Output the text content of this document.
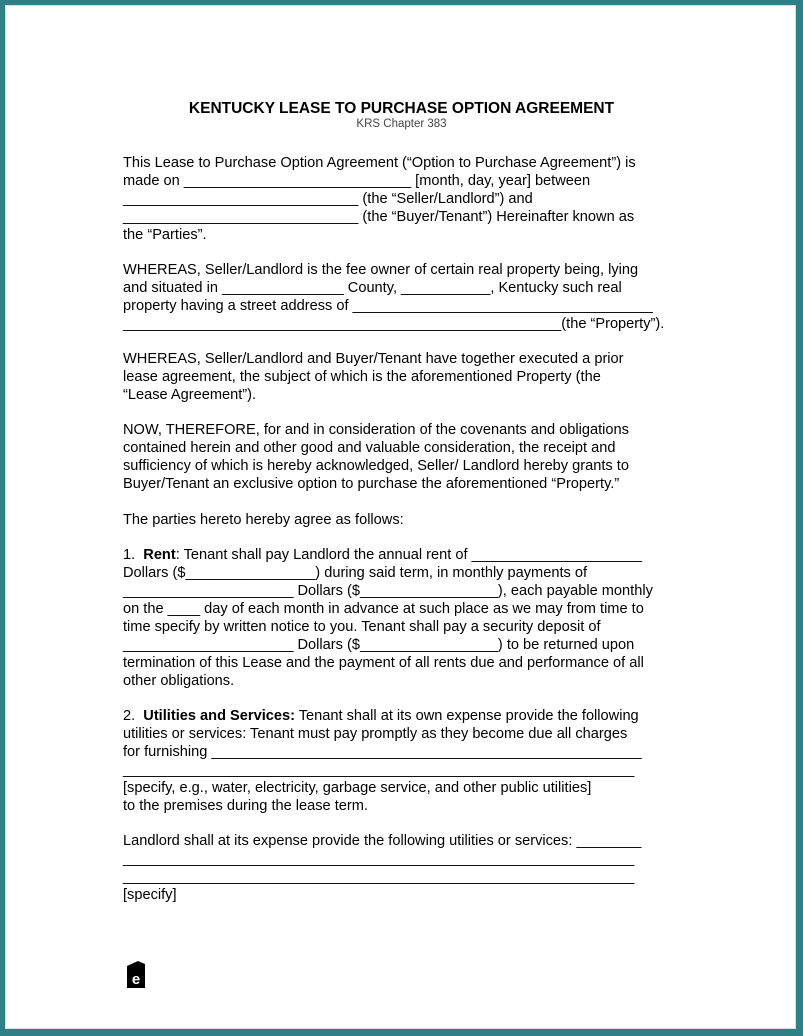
KENTUCKY LEASE TO PURCHASE OPTION AGREEMENT
KRS Chapter 383
This Lease to Purchase Option Agreement (“Option to Purchase Agreement”) is
made on ____________________________ [month, day, year] between
_____________________________ (the “Seller/Landlord”) and
_____________________________ (the “Buyer/Tenant”) Hereinafter known as
the “Parties”.
WHEREAS, Seller/Landlord is the fee owner of certain real property being, lying
and situated in _______________ County, ___________, Kentucky such real
property having a street address of _____________________________________
______________________________________________________(the “Property”).
WHEREAS, Seller/Landlord and Buyer/Tenant have together executed a prior
lease agreement, the subject of which is the aforementioned Property (the
“Lease Agreement”).
NOW, THEREFORE, for and in consideration of the covenants and obligations
contained herein and other good and valuable consideration, the receipt and
sufficiency of which is hereby acknowledged, Seller/ Landlord hereby grants to
Buyer/Tenant an exclusive option to purchase the aforementioned “Property.”
The parties hereto hereby agree as follows:
1.  Rent: Tenant shall pay Landlord the annual rent of _____________________
Dollars ($________________) during said term, in monthly payments of
_____________________ Dollars ($_________________), each payable monthly
on the ____ day of each month in advance at such place as we may from time to
time specify by written notice to you. Tenant shall pay a security deposit of
_____________________ Dollars ($_________________) to be returned upon
termination of this Lease and the payment of all rents due and performance of all
other obligations.
2.  Utilities and Services: Tenant shall at its own expense provide the following
utilities or services: Tenant must pay promptly as they become due all charges
for furnishing _____________________________________________________
_______________________________________________________________
[specify, e.g., water, electricity, garbage service, and other public utilities]
to the premises during the lease term.
Landlord shall at its expense provide the following utilities or services: ________
_______________________________________________________________
_______________________________________________________________
[specify]
e
